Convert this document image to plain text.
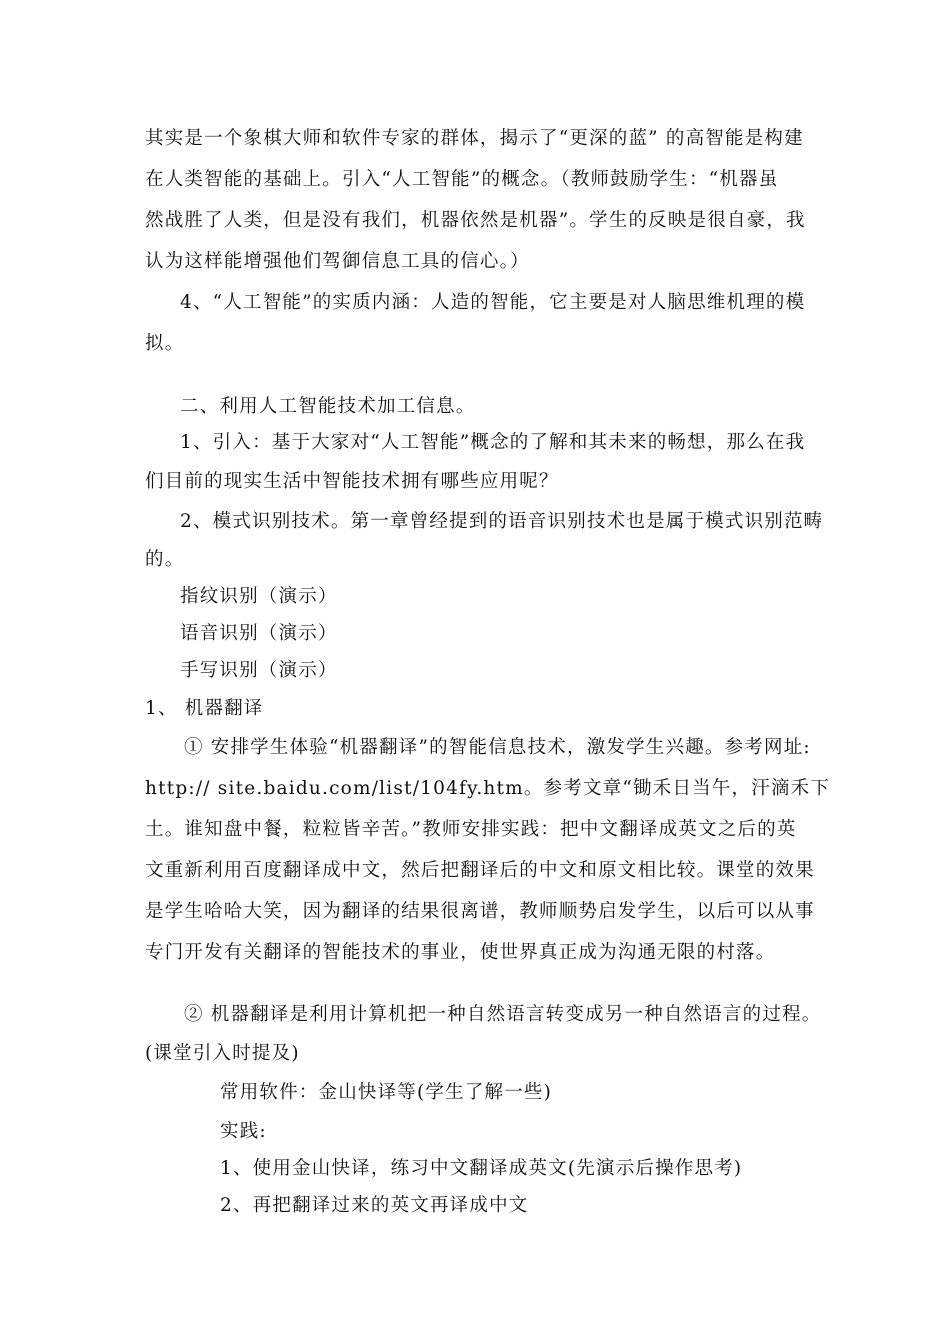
其实是一个象棋大师和软件专家的群体，揭示了“更深的蓝” 的高智能是构建
在人类智能的基础上。引入“人工智能”的概念。（教师鼓励学生：“机器虽
然战胜了人类，但是没有我们，机器依然是机器”。学生的反映是很自豪，我
认为这样能增强他们驾御信息工具的信心。）
4、“人工智能”的实质内涵：人造的智能，它主要是对人脑思维机理的模
拟。
二、利用人工智能技术加工信息。
1、引入：基于大家对“人工智能”概念的了解和其未来的畅想，那么在我
们目前的现实生活中智能技术拥有哪些应用呢？
2、模式识别技术。第一章曾经提到的语音识别技术也是属于模式识别范畴
的。
指纹识别（演示）
语音识别（演示）
手写识别（演示）
1、 机器翻译
① 安排学生体验“机器翻译”的智能信息技术，激发学生兴趣。参考网址:
http:// site.baidu.com/list/104fy.htm。参考文章“锄禾日当午，汗滴禾下
土。谁知盘中餐，粒粒皆辛苦。”教师安排实践：把中文翻译成英文之后的英
文重新利用百度翻译成中文，然后把翻译后的中文和原文相比较。课堂的效果
是学生哈哈大笑，因为翻译的结果很离谱，教师顺势启发学生，以后可以从事
专门开发有关翻译的智能技术的事业，使世界真正成为沟通无限的村落。
② 机器翻译是利用计算机把一种自然语言转变成另一种自然语言的过程。
(课堂引入时提及)
常用软件：金山快译等(学生了解一些)
实践:
1、使用金山快译，练习中文翻译成英文(先演示后操作思考)
2、再把翻译过来的英文再译成中文
